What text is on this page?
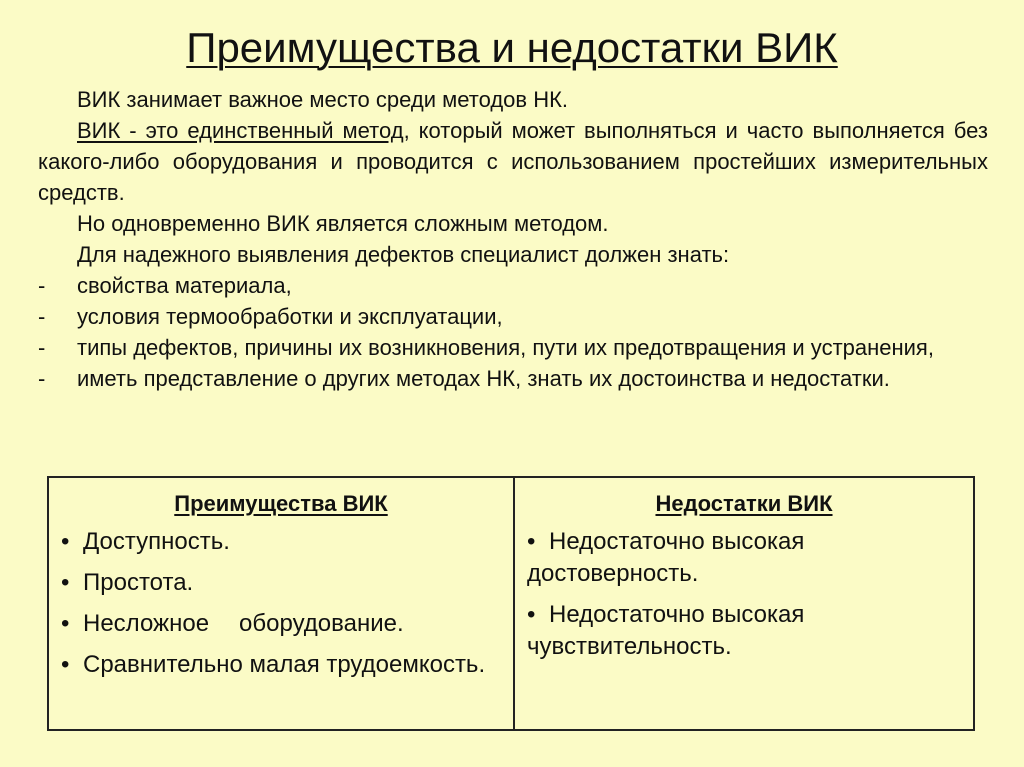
Преимущества и недостатки ВИК

ВИК занимает важное место среди методов НК.

ВИК - это единственный метод, который может выполняться и часто выполняется без какого-либо оборудования и проводится с использованием простейших измерительных средств.

Но одновременно ВИК является сложным методом.

Для надежного выявления дефектов специалист должен знать:

- свойства материала,

- условия термообработки и эксплуатации,

- типы дефектов, причины их возникновения, пути их предотвращения и устранения,

- иметь представление о других методах НК, знать их достоинства и недостатки.

Преимущества ВИК

• Доступность.

• Простота.

• Несложное оборудование.

• Сравнительно малая трудоемкость.

Недостатки ВИК

• Недостаточно высокая достоверность.

• Недостаточно высокая чувствительность.
